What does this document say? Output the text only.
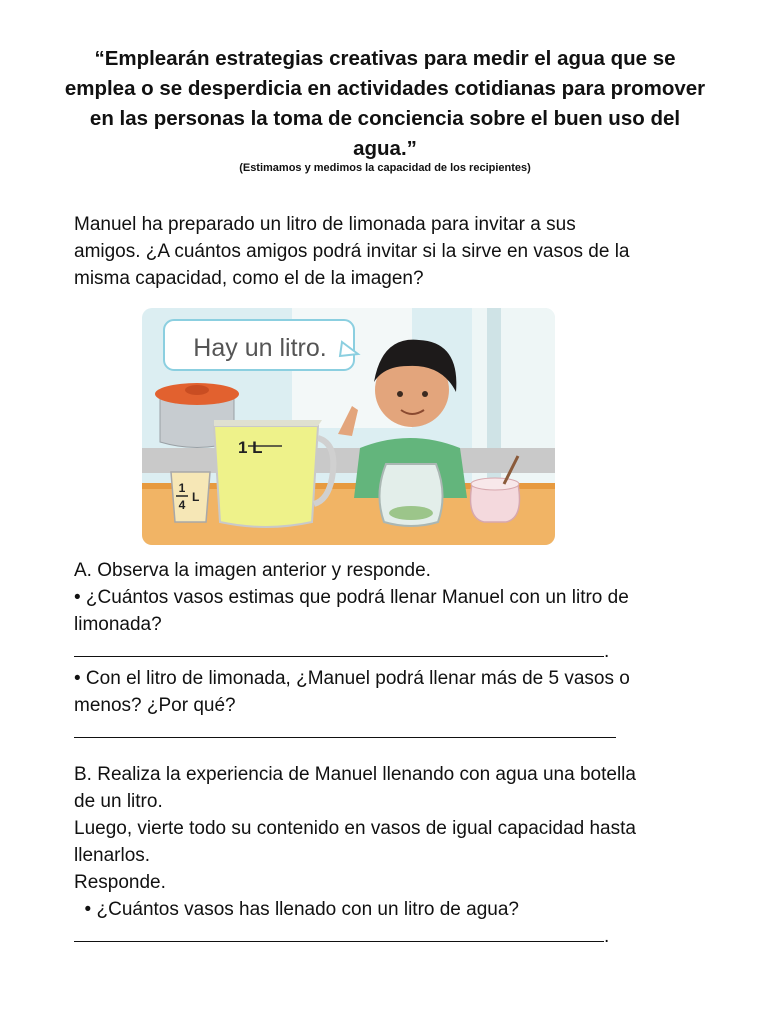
“Emplearán estrategias creativas para medir el agua que se emplea o se desperdicia en actividades cotidianas para promover en las personas la toma de conciencia sobre el buen uso del agua.”
(Estimamos y medimos la capacidad de los recipientes)

Manuel ha preparado un litro de limonada para invitar a sus
amigos. ¿A cuántos amigos podrá invitar si la sirve en vasos de la
misma capacidad, como el de la imagen?

Hay un litro.
1 L
1
4
L

A. Observa la imagen anterior y responde.
• ¿Cuántos vasos estimas que podrá llenar Manuel con un litro de
limonada?
.
• Con el litro de limonada, ¿Manuel podrá llenar más de 5 vasos o
menos? ¿Por qué?

B. Realiza la experiencia de Manuel llenando con agua una botella
de un litro.
Luego, vierte todo su contenido en vasos de igual capacidad hasta
llenarlos.
Responde.
• ¿Cuántos vasos has llenado con un litro de agua?
.
